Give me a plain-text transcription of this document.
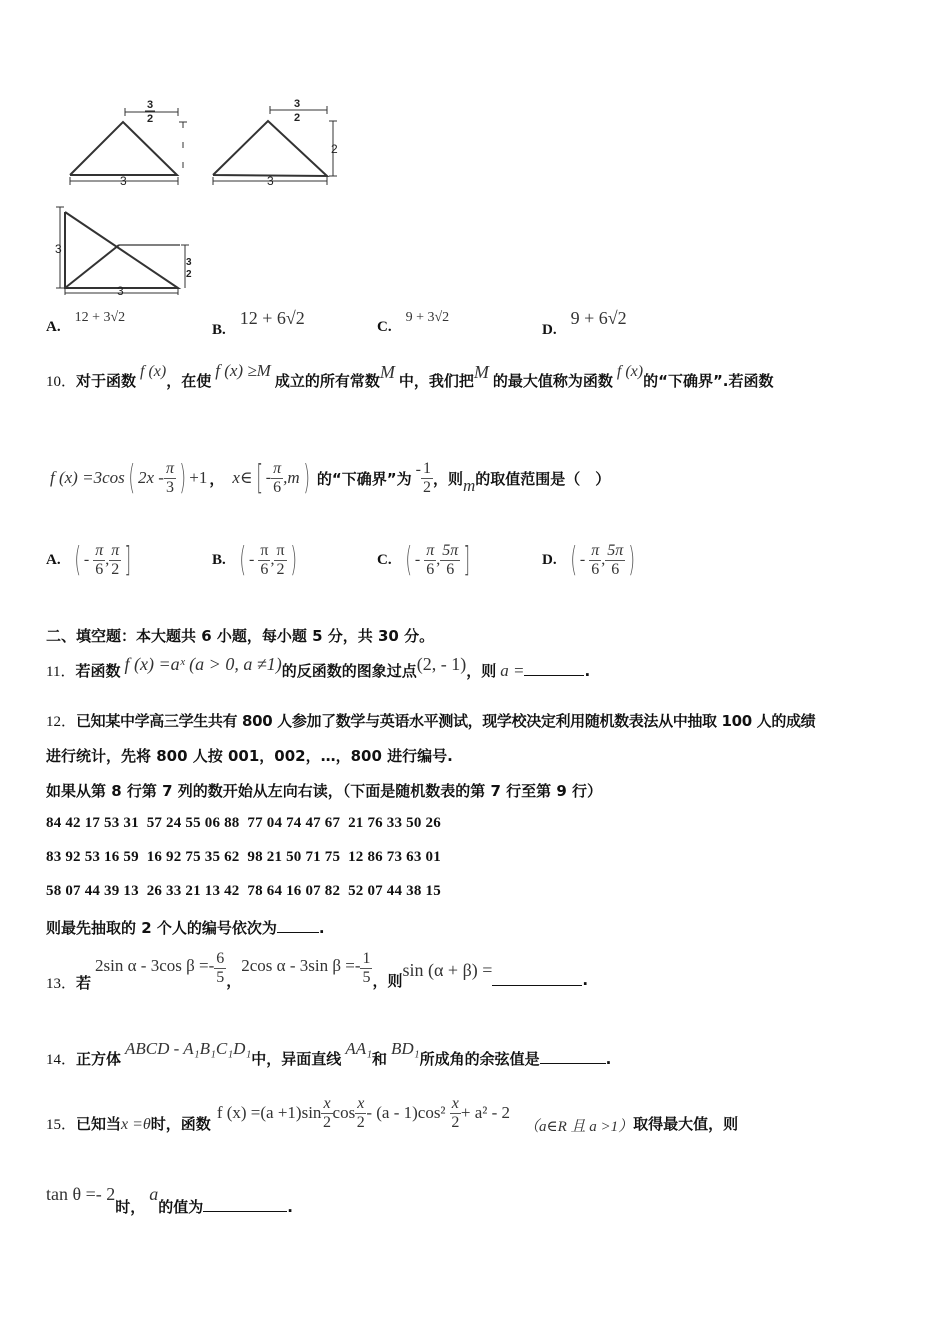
3
2
3
3
2
2
3
3
3
2
3
A. 12 + 3√2
B. 12 + 6√2	C. 9 + 3√2
D. 9 + 6√2
10．对于函数 f (x)，在使 f (x) ≥M 成立的所有常数M 中，我们把M 的最大值称为函数 f (x)的“下确界”.若函数
f (x) =3cos ( $2x - \frac{\pi}{3}$ ) +1 ， x∈ [ - $\frac{\pi}{6} ,m$ ) 的“下确界”为 - $\frac{1}{2}$ ，则 m 的取值范围是（　）
A. ( - $\frac{\pi}{6}$ , $\frac{\pi}{2}$ ]	B. ( - $\frac{\pi}{6}$ , $\frac{\pi}{2}$ )	C. ( - $\frac{\pi}{6}$ , $\frac{5\pi}{6}$ ]	D. ( - $\frac{\pi}{6}$ , $\frac{5\pi}{6}$ )
二、填空题：本大题共 6 小题，每小题 5 分，共 30 分。
11．若函数 f (x) =aˣ (a > 0, a ≠1)的反函数的图象过点(2, - 1)，则 a =	.
12．已知某中学高三学生共有 800 人参加了数学与英语水平测试，现学校决定利用随机数表法从中抽取 100 人的成绩
进行统计，先将 800 人按 001，002，…，800 进行编号.
如果从第 8 行第 7 列的数开始从左向右读，（下面是随机数表的第 7 行至第 9 行）
84 42 17 53 31  57 24 55 06 88  77 04 74 47 67  21 76 33 50 26
83 92 53 16 59  16 92 75 35 62  98 21 50 71 75  12 86 73 63 01
58 07 44 39 13  26 33 21 13 42  78 64 16 07 82  52 07 44 38 15
则最先抽取的 2 个人的编号依次为	.
13． 若
2sin α - 3cos $\beta =- \frac{6}{5}$ ，
2cos α - 3sin $\beta =- \frac{1}{5}$ ，则
sin (α + β) =
.
14．正方体 ABCD - A₁B₁C₁D₁中，异面直线 AA₁和 BD₁所成角的余弦值是	.
15． 已知当 x =θ 时，函数
f $(x) =(a +1)\sin \frac{x}{2}$ $\cos \frac{x}{2} - (a - 1)\cos^2 \frac{x}{2} + a^2 - 2$
（a∈R 且 a >1） 取得最大值，则
tan θ =- 2时， a的值为	.
